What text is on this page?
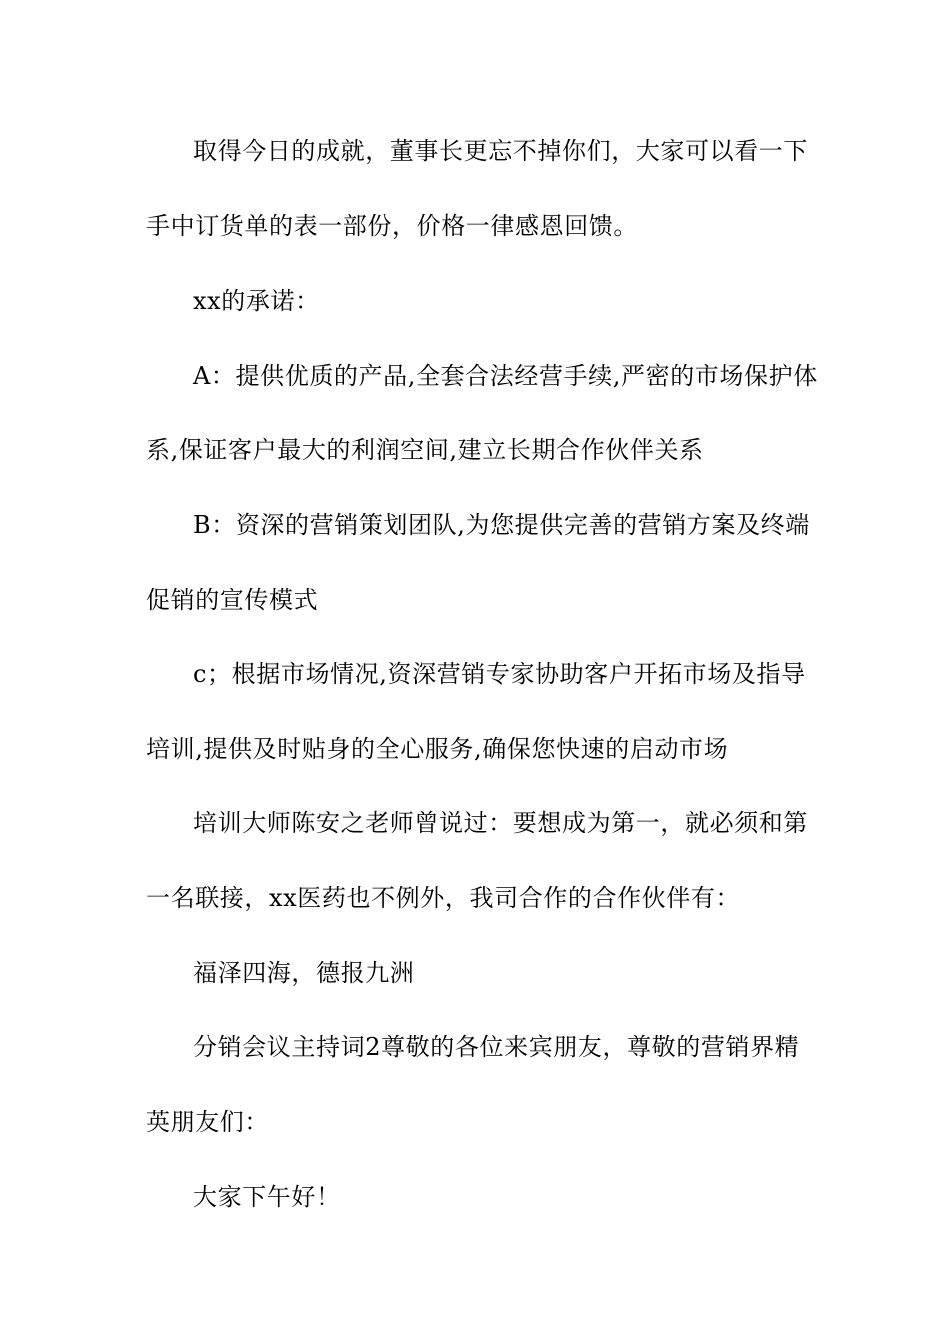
取得今日的成就，董事长更忘不掉你们，大家可以看一下
手中订货单的表一部份，价格一律感恩回馈。
xx的承诺：
A：提供优质的产品,全套合法经营手续,严密的市场保护体
系,保证客户最大的利润空间,建立长期合作伙伴关系
B：资深的营销策划团队,为您提供完善的营销方案及终端
促销的宣传模式
c；根据市场情况,资深营销专家协助客户开拓市场及指导
培训,提供及时贴身的全心服务,确保您快速的启动市场
培训大师陈安之老师曾说过：要想成为第一，就必须和第
一名联接，xx医药也不例外，我司合作的合作伙伴有：
福泽四海，德报九洲
分销会议主持词2尊敬的各位来宾朋友，尊敬的营销界精
英朋友们：
大家下午好！
